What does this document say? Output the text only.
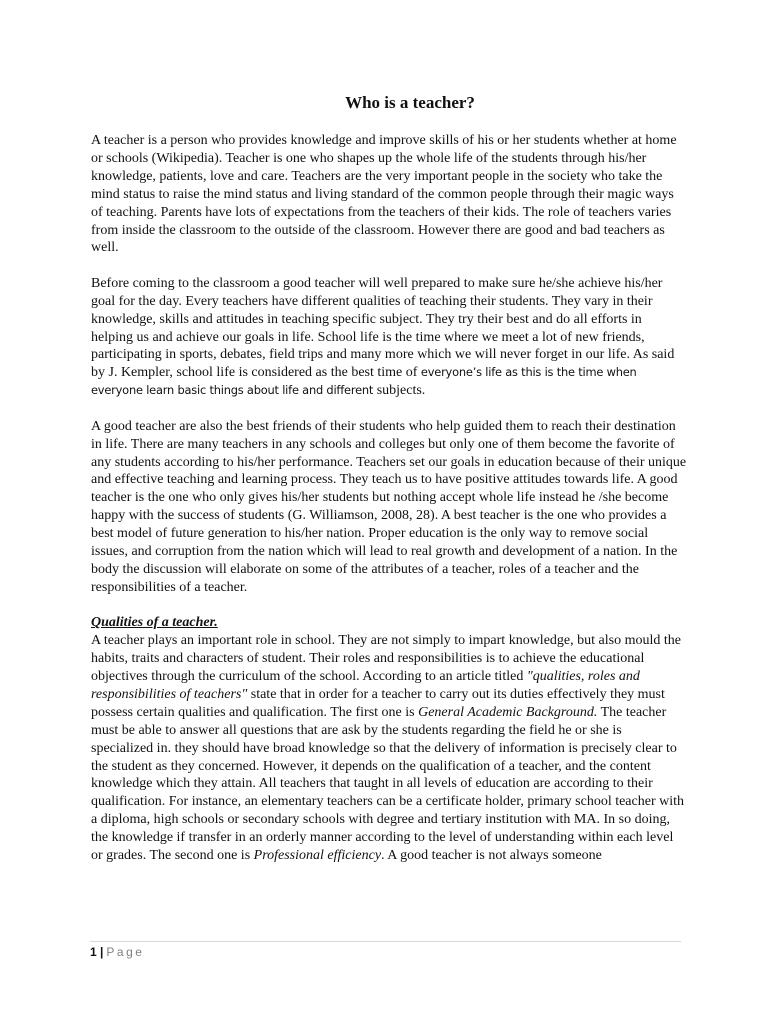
Who is a teacher?

A teacher is a person who provides knowledge and improve skills of his or her students whether at home or schools (Wikipedia). Teacher is one who shapes up the whole life of the students through his/her knowledge, patients, love and care. Teachers are the very important people in the society who take the mind status to raise the mind status and living standard of the common people through their magic ways of teaching. Parents have lots of expectations from the teachers of their kids. The role of teachers varies from inside the classroom to the outside of the classroom. However there are good and bad teachers as well.

Before coming to the classroom a good teacher will well prepared to make sure he/she achieve his/her goal for the day. Every teachers have different qualities of teaching their students. They vary in their knowledge, skills and attitudes in teaching specific subject. They try their best and do all efforts in helping us and achieve our goals in life. School life is the time where we meet a lot of new friends, participating in sports, debates, field trips and many more which we will never forget in our life. As said by J. Kempler, school life is considered as the best time of everyone’s life as this is the time when everyone learn basic things about life and different subjects.

A good teacher are also the best friends of their students who help guided them to reach their destination in life. There are many teachers in any schools and colleges but only one of them become the favorite of any students according to his/her performance. Teachers set our goals in education because of their unique and effective teaching and learning process. They teach us to have positive attitudes towards life. A good teacher is the one who only gives his/her students but nothing accept whole life instead he /she become happy with the success of students (G. Williamson, 2008, 28). A best teacher is the one who provides a best model of future generation to his/her nation. Proper education is the only way to remove social issues, and corruption from the nation which will lead to real growth and development of a nation. In the body the discussion will elaborate on some of the attributes of a teacher, roles of a teacher and the responsibilities of a teacher.

Qualities of a teacher.

A teacher plays an important role in school. They are not simply to impart knowledge, but also mould the habits, traits and characters of student. Their roles and responsibilities is to achieve the educational objectives through the curriculum of the school. According to an article titled "qualities, roles and responsibilities of teachers" state that in order for a teacher to carry out its duties effectively they must possess certain qualities and qualification. The first one is General Academic Background. The teacher must be able to answer all questions that are ask by the students regarding the field he or she is specialized in. they should have broad knowledge so that the delivery of information is precisely clear to the student as they concerned. However, it depends on the qualification of a teacher, and the content knowledge which they attain. All teachers that taught in all levels of education are according to their qualification. For instance, an elementary teachers can be a certificate holder, primary school teacher with a diploma, high schools or secondary schools with degree and tertiary institution with MA. In so doing, the knowledge if transfer in an orderly manner according to the level of understanding within each level or grades. The second one is Professional efficiency. A good teacher is not always someone

1 | Page
